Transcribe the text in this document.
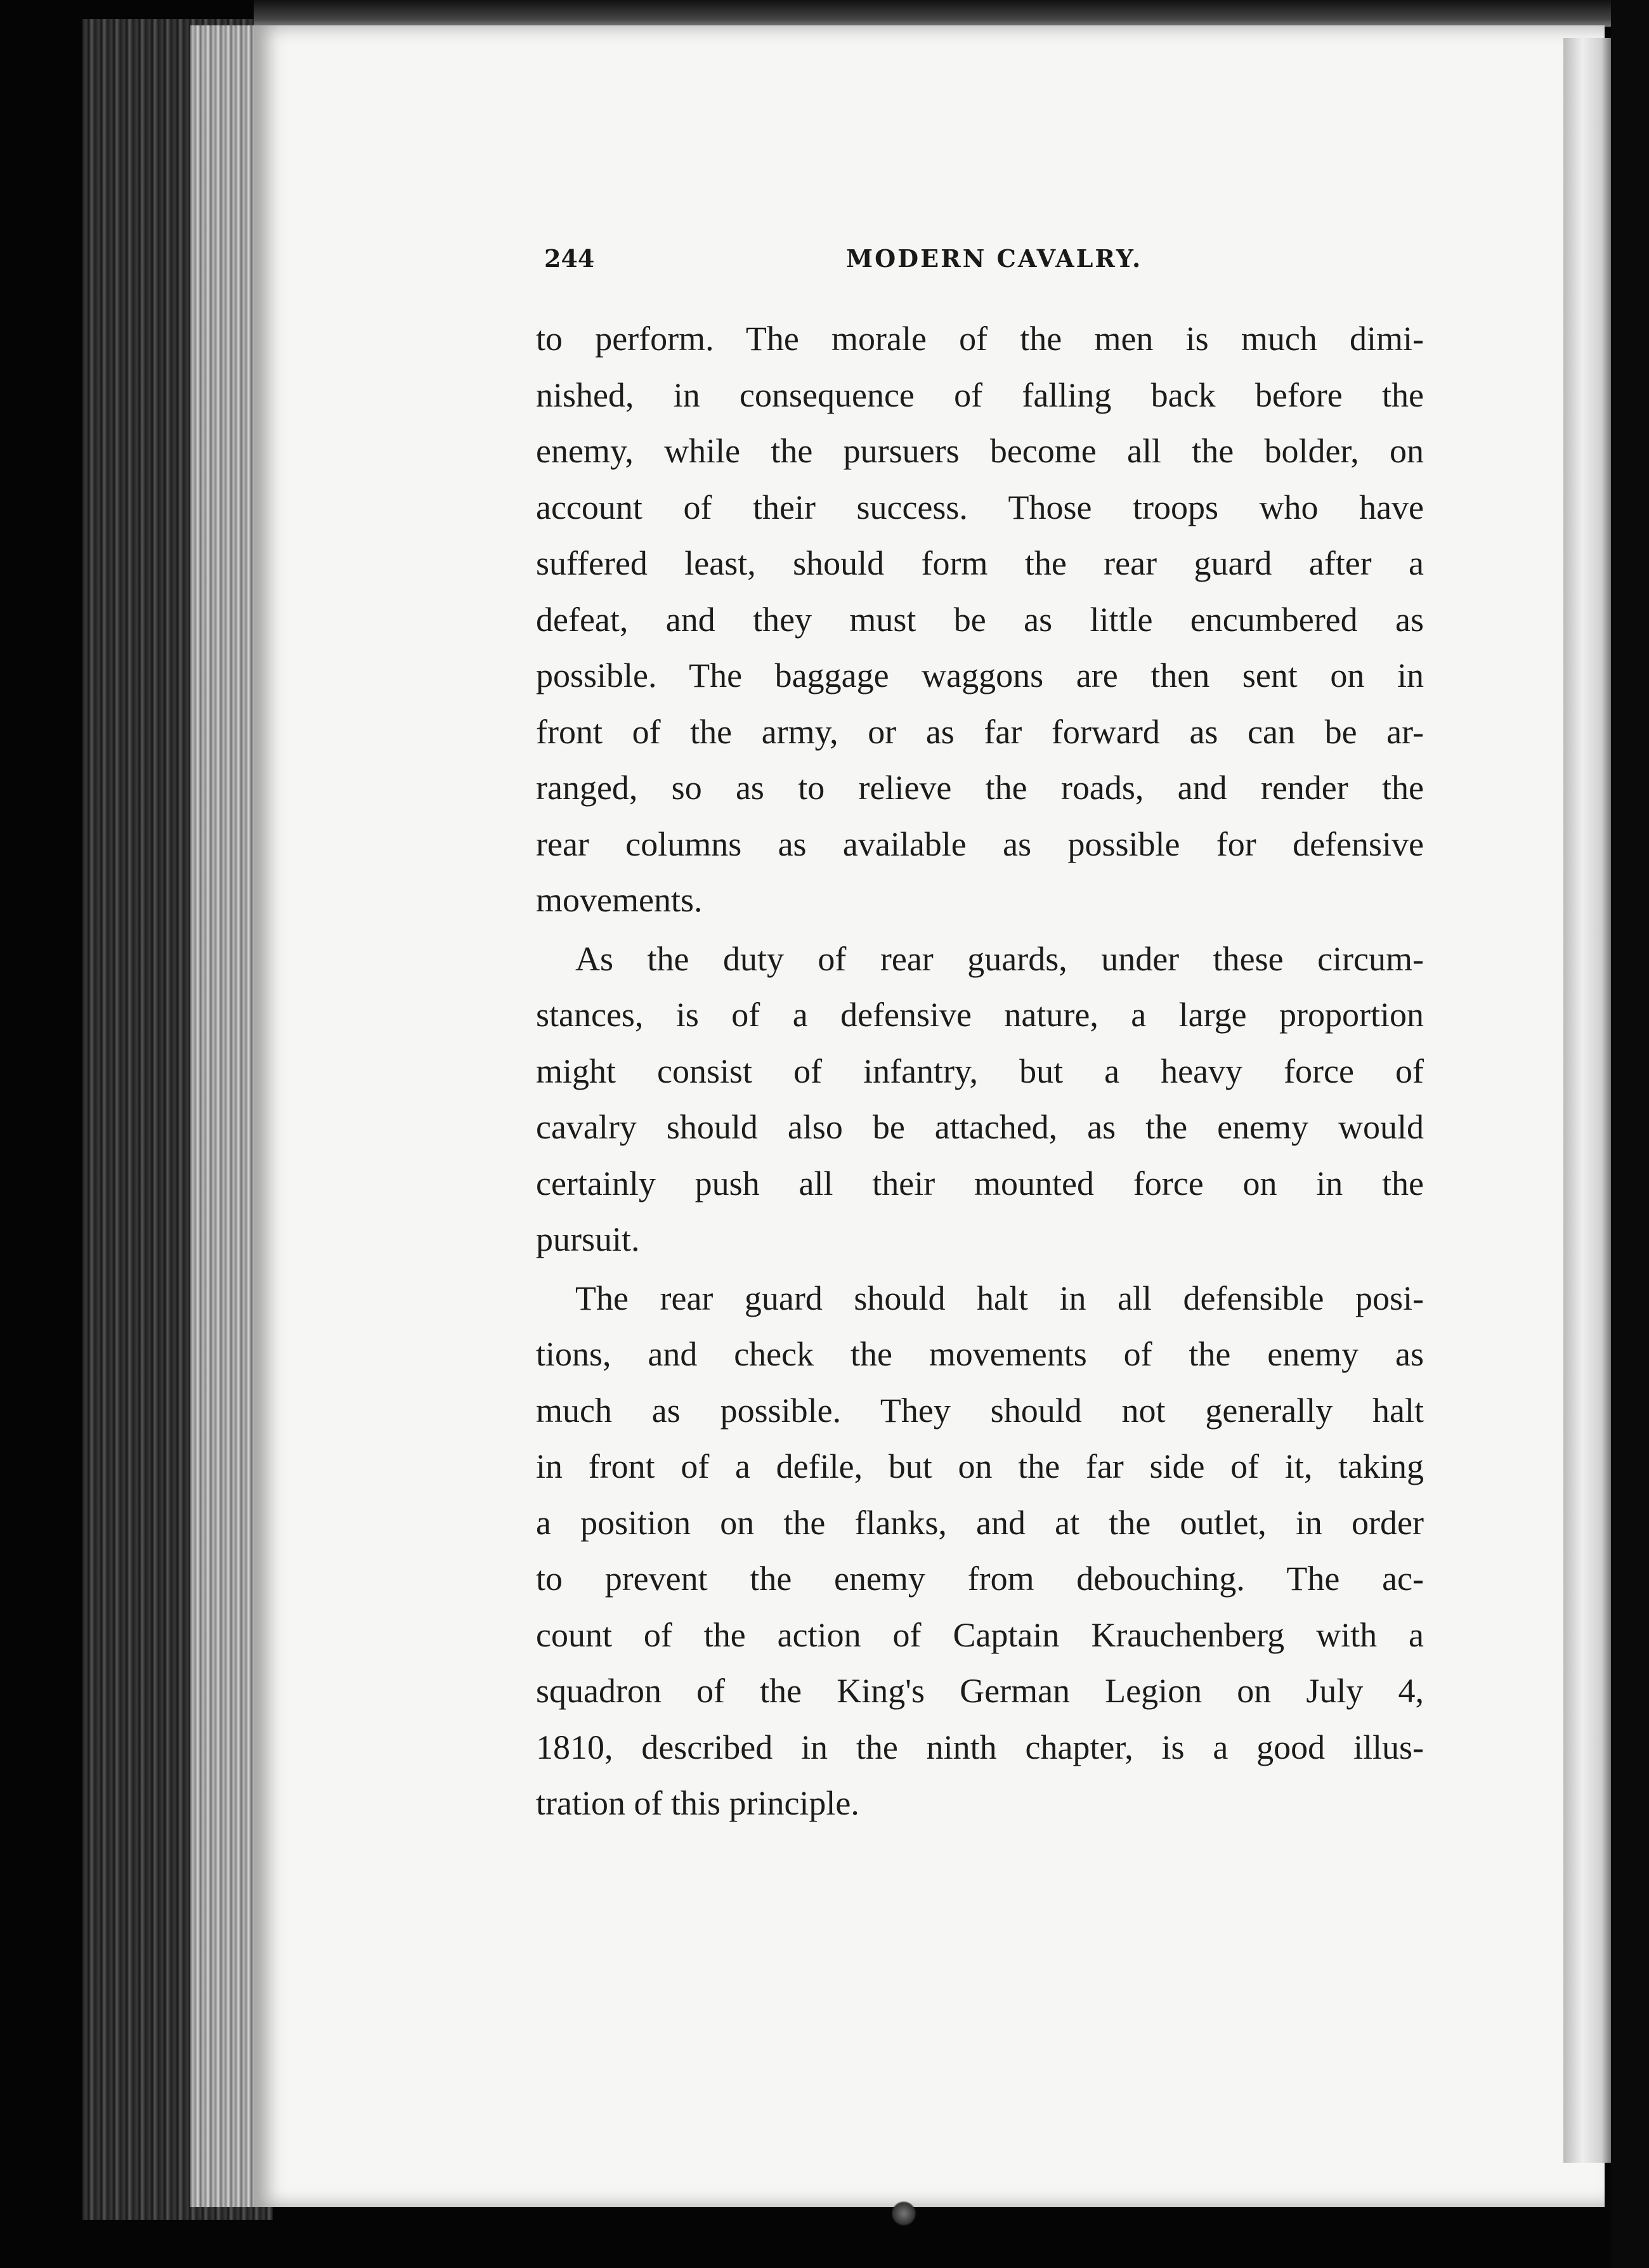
244	MODERN CAVALRY.
to perform. The morale of the men is much dimi-
nished, in consequence of falling back before the
enemy, while the pursuers become all the bolder, on
account of their success. Those troops who have
suffered least, should form the rear guard after a
defeat, and they must be as little encumbered as
possible. The baggage waggons are then sent on in
front of the army, or as far forward as can be ar-
ranged, so as to relieve the roads, and render the
rear columns as available as possible for defensive
movements.
As the duty of rear guards, under these circum-
stances, is of a defensive nature, a large proportion
might consist of infantry, but a heavy force of
cavalry should also be attached, as the enemy would
certainly push all their mounted force on in the
pursuit.
The rear guard should halt in all defensible posi-
tions, and check the movements of the enemy as
much as possible. They should not generally halt
in front of a defile, but on the far side of it, taking
a position on the flanks, and at the outlet, in order
to prevent the enemy from debouching. The ac-
count of the action of Captain Krauchenberg with a
squadron of the King's German Legion on July 4,
1810, described in the ninth chapter, is a good illus-
tration of this principle.
